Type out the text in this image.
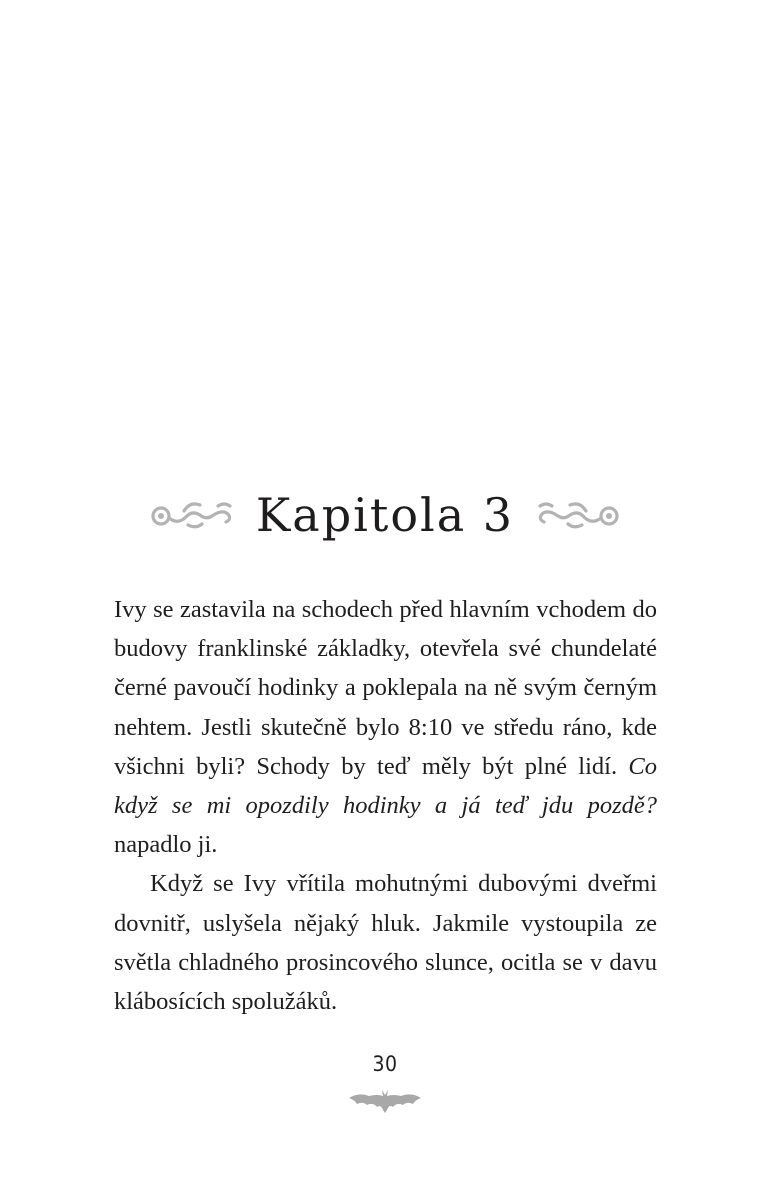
Kapitola 3

Ivy se zastavila na schodech před hlavním vchodem do budovy franklinské základky, otevřela své chundelaté černé pavoučí hodinky a poklepala na ně svým černým nehtem. Jestli skutečně bylo 8:10 ve středu ráno, kde všichni byli? Schody by teď měly být plné lidí. Co když se mi opozdily hodinky a já teď jdu pozdě? napadlo ji.

Když se Ivy vřítila mohutnými dubovými dveřmi dovnitř, uslyšela nějaký hluk. Jakmile vystoupila ze světla chladného prosincového slunce, ocitla se v davu klábosících spolužáků.

30
